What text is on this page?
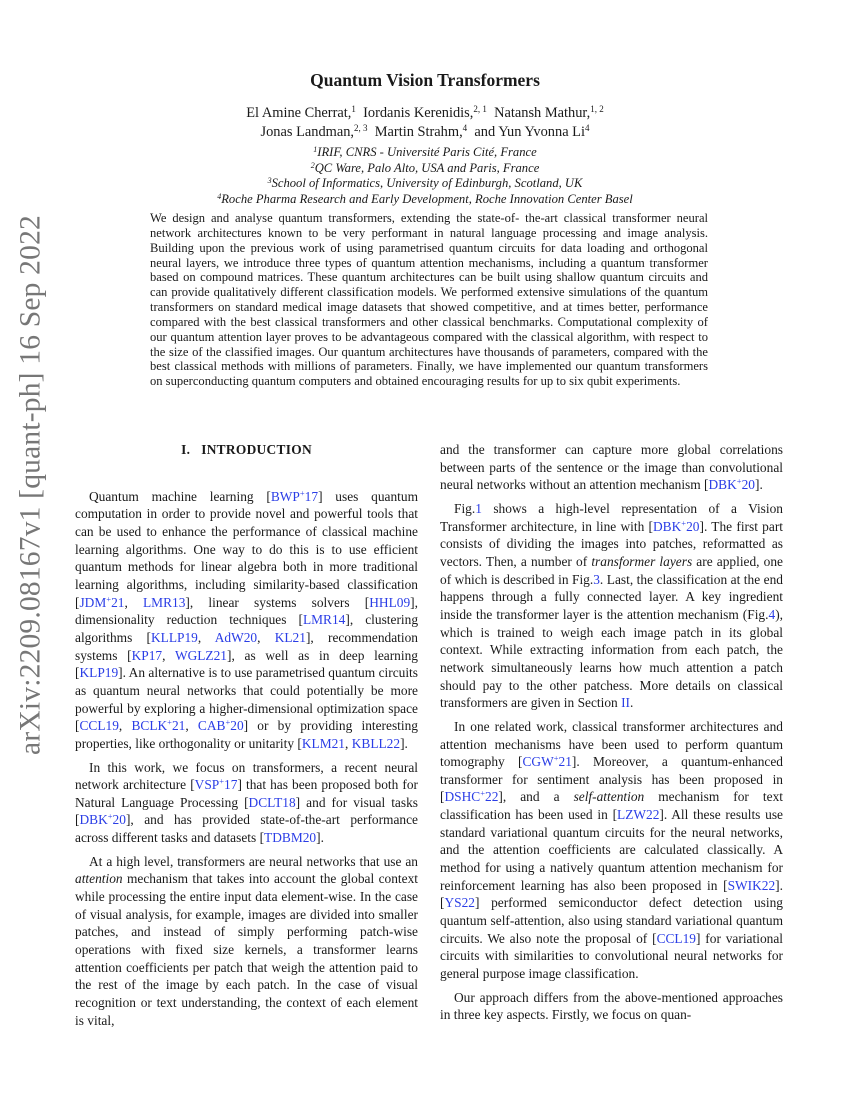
arXiv:2209.08167v1 [quant-ph] 16 Sep 2022
Quantum Vision Transformers
El Amine Cherrat,$^1$ Iordanis Kerenidis,$^{2, 1}$ Natansh Mathur,$^{1, 2}$
Jonas Landman,$^{2, 3}$ Martin Strahm,$^4$ and Yun Yvonna Li$^4$
$^1$IRIF, CNRS - Université Paris Cité, France
$^2$QC Ware, Palo Alto, USA and Paris, France
$^3$School of Informatics, University of Edinburgh, Scotland, UK
$^4$Roche Pharma Research and Early Development, Roche Innovation Center Basel
We design and analyse quantum transformers, extending the state-of- the-art classical transformer neural network architectures known to be very performant in natural language processing and image analysis. Building upon the previous work of using parametrised quantum circuits for data loading and orthogonal neural layers, we introduce three types of quantum attention mechanisms, including a quantum transformer based on compound matrices. These quantum architectures can be built using shallow quantum circuits and can provide qualitatively different classification models. We performed extensive simulations of the quantum transformers on standard medical image datasets that showed competitive, and at times better, performance compared with the best classical transformers and other classical benchmarks. Computational complexity of our quantum attention layer proves to be advantageous compared with the classical algorithm, with respect to the size of the classified images. Our quantum architectures have thousands of parameters, compared with the best classical methods with millions of parameters. Finally, we have implemented our quantum transformers on superconducting quantum computers and obtained encouraging results for up to six qubit experiments.
I. INTRODUCTION

Quantum machine learning [BWP+17] uses quantum computation in order to provide novel and powerful tools that can be used to enhance the performance of classical machine learning algorithms. One way to do this is to use efficient quantum methods for linear algebra both in more traditional learning algorithms, including similarity-based classification [JDM+21, LMR13], linear systems solvers [HHL09], dimensionality reduction techniques [LMR14], clustering algorithms [KLLP19, AdW20, KL21], recommendation systems [KP17, WGLZ21], as well as in deep learning [KLP19]. An alternative is to use parametrised quantum circuits as quantum neural networks that could potentially be more powerful by exploring a higher-dimensional optimization space [CCL19, BCLK+21, CAB+20] or by providing interesting properties, like orthogonality or unitarity [KLM21, KBLL22].

In this work, we focus on transformers, a recent neural network architecture [VSP+17] that has been proposed both for Natural Language Processing [DCLT18] and for visual tasks [DBK+20], and has provided state-of-the-art performance across different tasks and datasets [TDBM20].

At a high level, transformers are neural networks that use an attention mechanism that takes into account the global context while processing the entire input data element-wise. In the case of visual analysis, for example, images are divided into smaller patches, and instead of simply performing patch-wise operations with fixed size kernels, a transformer learns attention coefficients per patch that weigh the attention paid to the rest of the image by each patch. In the case of visual recognition or text understanding, the context of each element is vital,

and the transformer can capture more global correlations between parts of the sentence or the image than convolutional neural networks without an attention mechanism [DBK+20].

Fig.1 shows a high-level representation of a Vision Transformer architecture, in line with [DBK+20]. The first part consists of dividing the images into patches, reformatted as vectors. Then, a number of transformer layers are applied, one of which is described in Fig.3. Last, the classification at the end happens through a fully connected layer. A key ingredient inside the transformer layer is the attention mechanism (Fig.4), which is trained to weigh each image patch in its global context. While extracting information from each patch, the network simultaneously learns how much attention a patch should pay to the other patchess. More details on classical transformers are given in Section II.

In one related work, classical transformer architectures and attention mechanisms have been used to perform quantum tomography [CGW+21]. Moreover, a quantum-enhanced transformer for sentiment analysis has been proposed in [DSHC+22], and a self-attention mechanism for text classification has been used in [LZW22]. All these results use standard variational quantum circuits for the neural networks, and the attention coefficients are calculated classically. A method for using a natively quantum attention mechanism for reinforcement learning has also been proposed in [SWIK22]. [YS22] performed semiconductor defect detection using quantum self-attention, also using standard variational quantum circuits. We also note the proposal of [CCL19] for variational circuits with similarities to convolutional neural networks for general purpose image classification.

Our approach differs from the above-mentioned approaches in three key aspects. Firstly, we focus on quan-
